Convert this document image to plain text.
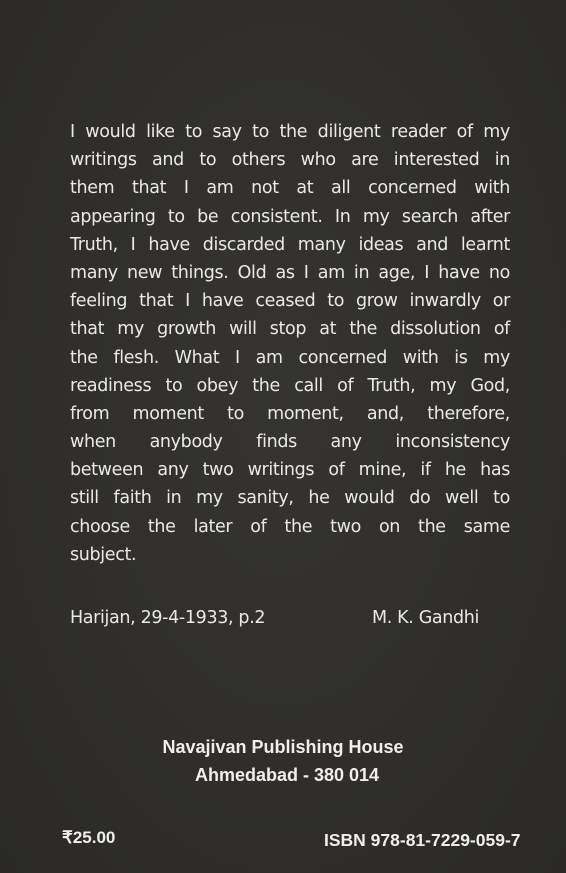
I would like to say to the diligent reader of my
writings and to others who are interested in
them that I am not at all concerned with
appearing to be consistent. In my search after
Truth, I have discarded many ideas and learnt
many new things. Old as I am in age, I have no
feeling that I have ceased to grow inwardly or
that my growth will stop at the dissolution of
the flesh. What I am concerned with is my
readiness to obey the call of Truth, my God,
from moment to moment, and, therefore,
when anybody finds any inconsistency
between any two writings of mine, if he has
still faith in my sanity, he would do well to
choose the later of the two on the same
subject.
Harijan, 29-4-1933, p.2	M. K. Gandhi
Navajivan Publishing House
Ahmedabad - 380 014
₹25.00	ISBN 978-81-7229-059-7
